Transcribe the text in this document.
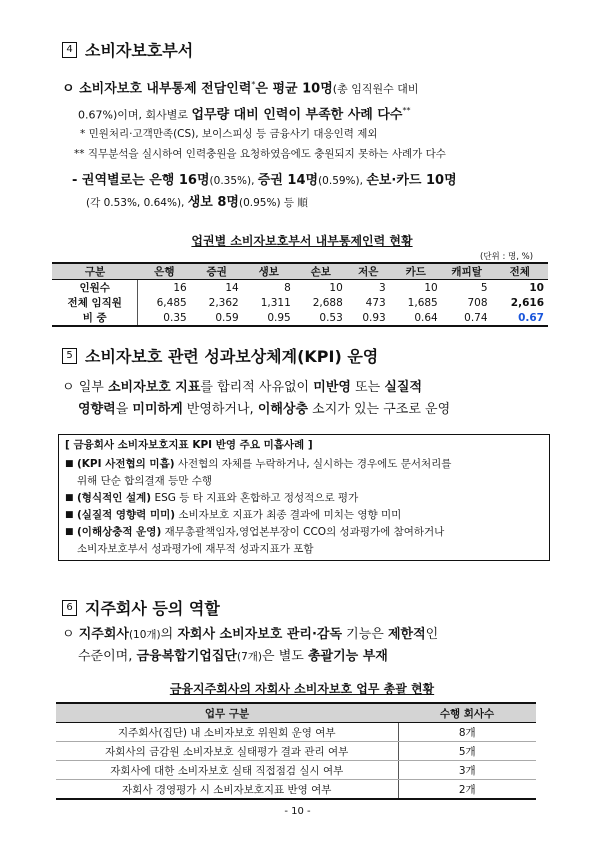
4 소비자보호부서
ㅇ 소비자보호 내부통제 전담인력*은 평균 10명(총 임직원수 대비
0.67%)이며, 회사별로 업무량 대비 인력이 부족한 사례 다수**
* 민원처리·고객만족(CS), 보이스피싱 등 금융사기 대응인력 제외
** 직무분석을 실시하여 인력충원을 요청하였음에도 충원되지 못하는 사례가 다수
- 권역별로는 은행 16명(0.35%), 증권 14명(0.59%), 손보·카드 10명
(각 0.53%, 0.64%), 생보 8명(0.95%) 등 順
업권별 소비자보호부서 내부통제인력 현황
(단위 : 명, %)
구분	은행	증권	생보	손보	저은	카드	캐피탈	전체
인원수	16	14	8	10	3	10	5	10
전체 임직원	6,485	2,362	1,311	2,688	473	1,685	708	2,616
비 중	0.35	0.59	0.95	0.53	0.93	0.64	0.74	0.67
5 소비자보호 관련 성과보상체계(KPI) 운영
ㅇ 일부 소비자보호 지표를 합리적 사유없이 미반영 또는 실질적
영향력을 미미하게 반영하거나, 이해상충 소지가 있는 구조로 운영
[ 금융회사 소비자보호지표 KPI 반영 주요 미흡사례 ]
■ (KPI 사전협의 미흡) 사전협의 자체를 누락하거나, 실시하는 경우에도 문서처리를
위해 단순 합의결재 등만 수행
■ (형식적인 설계) ESG 등 타 지표와 혼합하고 정성적으로 평가
■ (실질적 영향력 미미) 소비자보호 지표가 최종 결과에 미치는 영향 미미
■ (이해상충적 운영) 재무총괄책임자,영업본부장이 CCO의 성과평가에 참여하거나
소비자보호부서 성과평가에 재무적 성과지표가 포함
6 지주회사 등의 역할
ㅇ 지주회사(10개)의 자회사 소비자보호 관리·감독 기능은 제한적인
수준이며, 금융복합기업집단(7개)은 별도 총괄기능 부재
금융지주회사의 자회사 소비자보호 업무 총괄 현황
업무 구분	수행 회사수
지주회사(집단) 내 소비자보호 위원회 운영 여부	8개
자회사의 금감원 소비자보호 실태평가 결과 관리 여부	5개
자회사에 대한 소비자보호 실태 직접점검 실시 여부	3개
자회사 경영평가 시 소비자보호지표 반영 여부	2개
- 10 -
